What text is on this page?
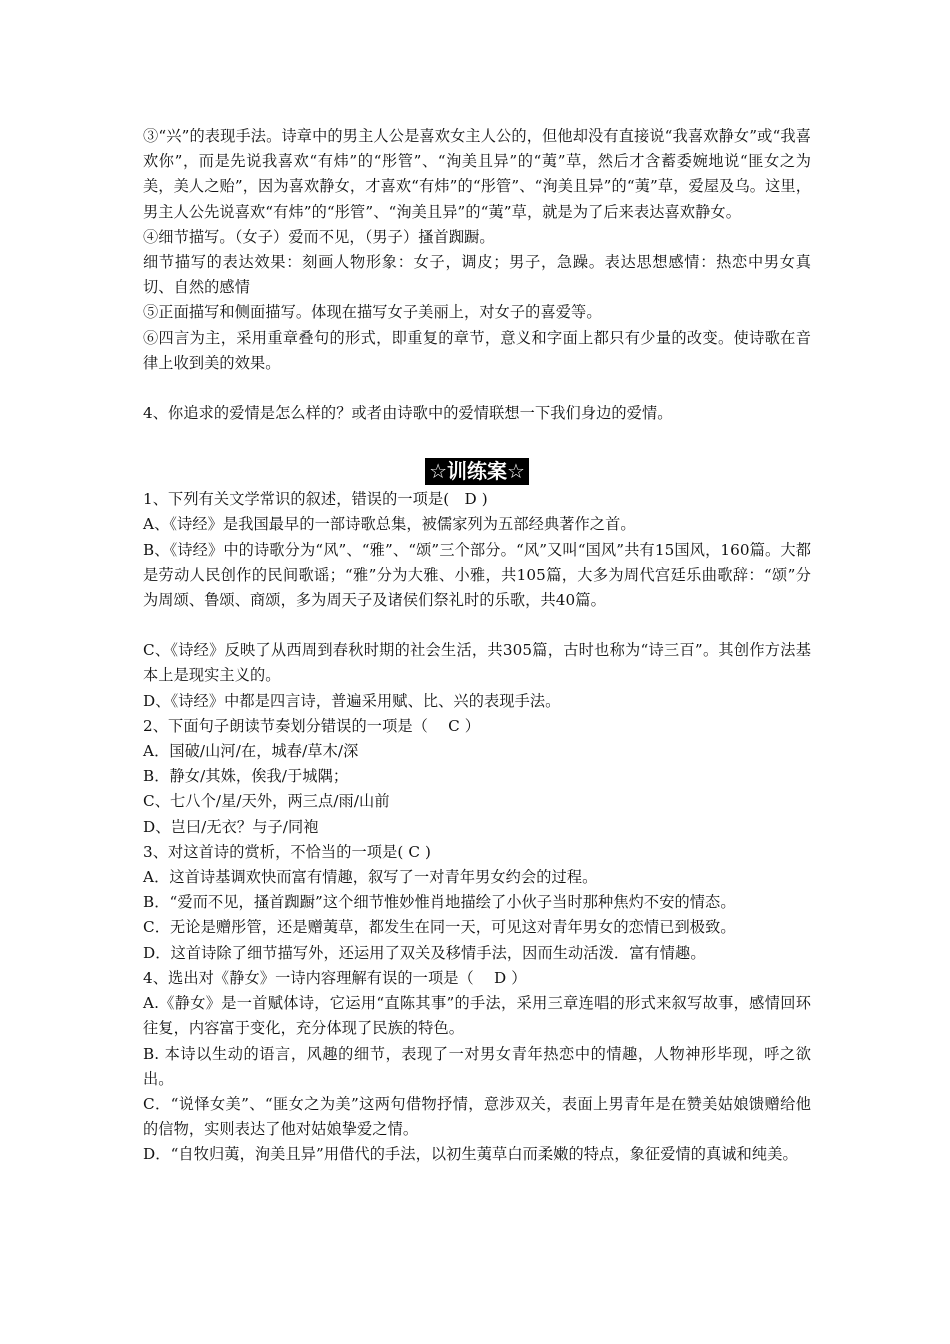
③“兴”的表现手法。诗章中的男主人公是喜欢女主人公的，但他却没有直接说“我喜欢静女”或“我喜欢你”，而是先说我喜欢“有炜”的“彤管”、“洵美且异”的“荑”草，然后才含蓄委婉地说“匪女之为美，美人之贻”，因为喜欢静女，才喜欢“有炜”的“彤管”、“洵美且异”的“荑”草，爱屋及乌。这里，男主人公先说喜欢“有炜”的“彤管”、“洵美且异”的“荑”草，就是为了后来表达喜欢静女。

④细节描写。（女子）爱而不见，（男子）搔首踟蹰。

细节描写的表达效果：刻画人物形象：女子，调皮；男子，急躁。表达思想感情：热恋中男女真切、自然的感情

⑤正面描写和侧面描写。体现在描写女子美丽上，对女子的喜爱等。

⑥四言为主，采用重章叠句的形式，即重复的章节，意义和字面上都只有少量的改变。使诗歌在音律上收到美的效果。

4、你追求的爱情是怎么样的？或者由诗歌中的爱情联想一下我们身边的爱情。

☆训练案☆

1、下列有关文学常识的叙述，错误的一项是(　D )

A、《诗经》是我国最早的一部诗歌总集，被儒家列为五部经典著作之首。

B、《诗经》中的诗歌分为“风”、“雅”、“颂”三个部分。“风”又叫“国风”共有15国风，160篇。大都是劳动人民创作的民间歌谣；“雅”分为大雅、小雅，共105篇，大多为周代宫廷乐曲歌辞：“颂”分为周颂、鲁颂、商颂，多为周天子及诸侯们祭礼时的乐歌，共40篇。

C、《诗经》反映了从西周到春秋时期的社会生活，共305篇，古时也称为“诗三百”。其创作方法基本上是现实主义的。

D、《诗经》中都是四言诗，普遍采用赋、比、兴的表现手法。

2、下面句子朗读节奏划分错误的一项是（　 C ）

A．国破/山河/在，城春/草木/深

B．静女/其姝，俟我/于城隅；

C、七八个/星/天外，两三点/雨/山前

D、岂曰/无衣？与子/同袍

3、对这首诗的赏析，不恰当的一项是( C )

A．这首诗基调欢快而富有情趣，叙写了一对青年男女约会的过程。

B．“爱而不见，搔首踟蹰”这个细节惟妙惟肖地描绘了小伙子当时那种焦灼不安的情态。

C．无论是赠彤管，还是赠荑草，都发生在同一天，可见这对青年男女的恋情已到极致。

D．这首诗除了细节描写外，还运用了双关及移情手法，因而生动活泼．富有情趣。

4、选出对《静女》一诗内容理解有误的一项是（　 D ）

A.《静女》是一首赋体诗，它运用“直陈其事”的手法，采用三章连唱的形式来叙写故事，感情回环往复，内容富于变化，充分体现了民族的特色。

B. 本诗以生动的语言，风趣的细节，表现了一对男女青年热恋中的情趣，人物神形毕现，呼之欲出。

C．“说怿女美”、“匪女之为美”这两句借物抒情，意涉双关，表面上男青年是在赞美姑娘馈赠给他的信物，实则表达了他对姑娘挚爱之情。

D．“自牧归荑，洵美且异”用借代的手法，以初生荑草白而柔嫩的特点，象征爱情的真诚和纯美。
